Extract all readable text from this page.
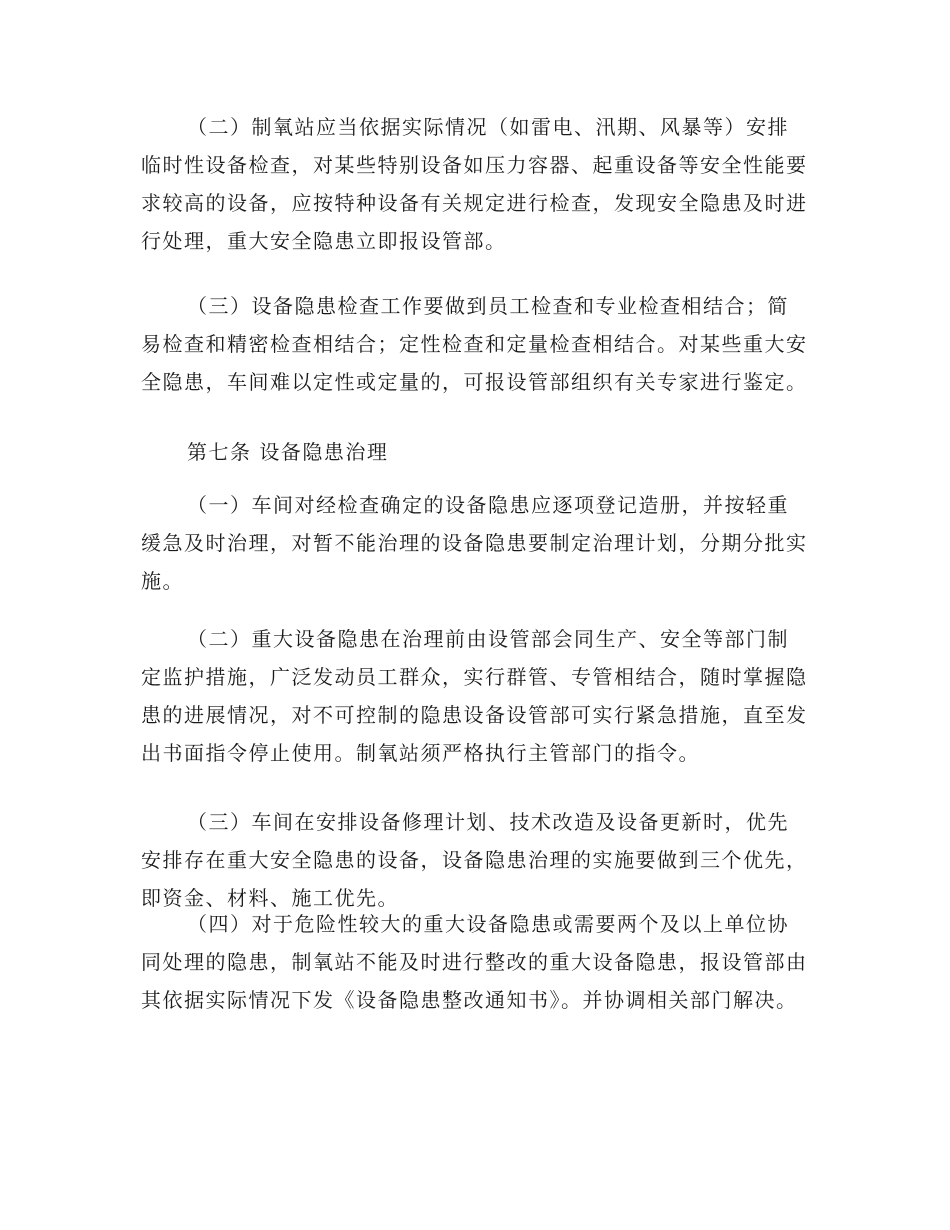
（二）制氧站应当依据实际情况（如雷电、汛期、风暴等）安排临时性设备检查，对某些特别设备如压力容器、起重设备等安全性能要求较高的设备，应按特种设备有关规定进行检查，发现安全隐患及时进行处理，重大安全隐患立即报设管部。

（三）设备隐患检查工作要做到员工检查和专业检查相结合；简易检查和精密检查相结合；定性检查和定量检查相结合。对某些重大安全隐患，车间难以定性或定量的，可报设管部组织有关专家进行鉴定。

第七条 设备隐患治理

（一）车间对经检查确定的设备隐患应逐项登记造册，并按轻重缓急及时治理，对暂不能治理的设备隐患要制定治理计划，分期分批实施。

（二）重大设备隐患在治理前由设管部会同生产、安全等部门制定监护措施，广泛发动员工群众，实行群管、专管相结合，随时掌握隐患的进展情况，对不可控制的隐患设备设管部可实行紧急措施，直至发出书面指令停止使用。制氧站须严格执行主管部门的指令。

（三）车间在安排设备修理计划、技术改造及设备更新时，优先安排存在重大安全隐患的设备，设备隐患治理的实施要做到三个优先，即资金、材料、施工优先。

（四）对于危险性较大的重大设备隐患或需要两个及以上单位协同处理的隐患，制氧站不能及时进行整改的重大设备隐患，报设管部由其依据实际情况下发《设备隐患整改通知书》。并协调相关部门解决。
